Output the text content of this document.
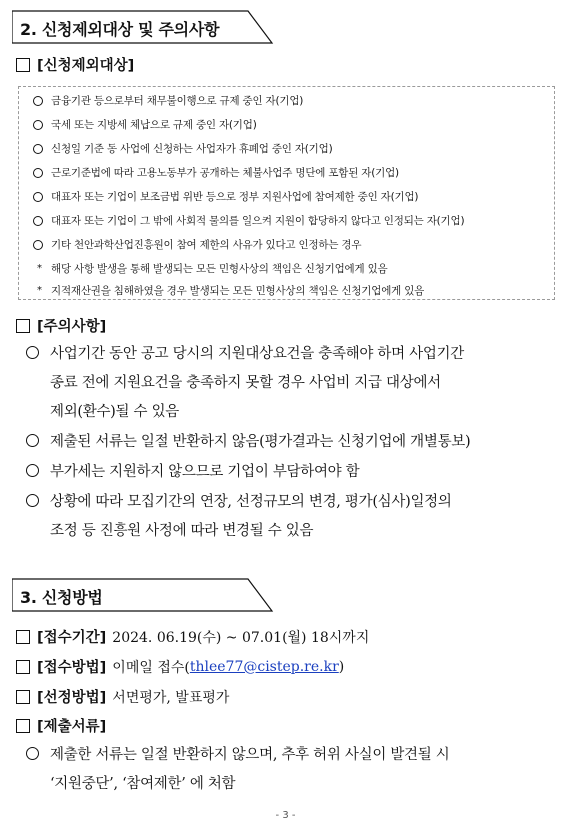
2. 신청제외대상 및 주의사항
[신청제외대상]
금융기관 등으로부터 채무불이행으로 규제 중인 자(기업)
국세 또는 지방세 체납으로 규제 중인 자(기업)
신청일 기준 동 사업에 신청하는 사업자가 휴폐업 중인 자(기업)
근로기준법에 따라 고용노동부가 공개하는 체불사업주 명단에 포함된 자(기업)
대표자 또는 기업이 보조금법 위반 등으로 정부 지원사업에 참여제한 중인 자(기업)
대표자 또는 기업이 그 밖에 사회적 물의를 일으켜 지원이 합당하지 않다고 인정되는 자(기업)
기타 천안과학산업진흥원이 참여 제한의 사유가 있다고 인정하는 경우
* 해당 사항 발생을 통해 발생되는 모든 민형사상의 책임은 신청기업에게 있음
* 지적재산권을 침해하였을 경우 발생되는 모든 민형사상의 책임은 신청기업에게 있음
[주의사항]
사업기간 동안 공고 당시의 지원대상요건을 충족해야 하며 사업기간
종료 전에 지원요건을 충족하지 못할 경우 사업비 지급 대상에서
제외(환수)될 수 있음
제출된 서류는 일절 반환하지 않음(평가결과는 신청기업에 개별통보)
부가세는 지원하지 않으므로 기업이 부담하여야 함
상황에 따라 모집기간의 연장, 선정규모의 변경, 평가(심사)일정의
조정 등 진흥원 사정에 따라 변경될 수 있음
3. 신청방법
[접수기간] 2024. 06.19(수) ~ 07.01(월) 18시까지
[접수방법] 이메일 접수( thlee77@cistep.re.kr )
[선정방법] 서면평가, 발표평가
[제출서류]
제출한 서류는 일절 반환하지 않으며, 추후 허위 사실이 발견될 시
‘지원중단’, ‘참여제한’ 에 처함
- 3 -
